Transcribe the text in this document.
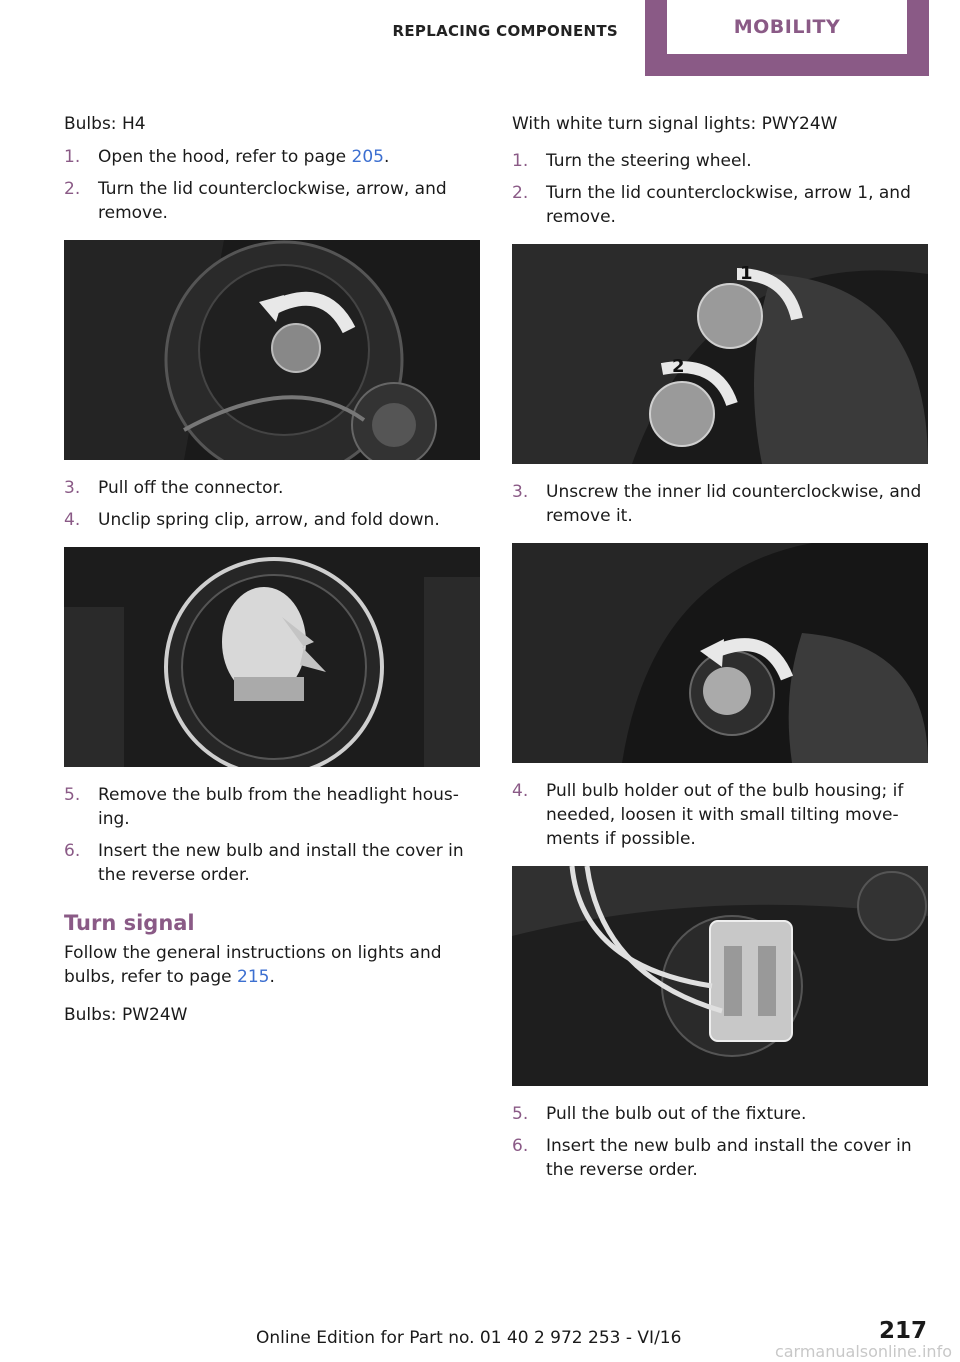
REPLACING COMPONENTS	MOBILITY
Bulbs: H4
1.	Open the hood, refer to page 205.
2.	Turn the lid counterclockwise, arrow, and remove.
3.	Pull off the connector.
4.	Unclip spring clip, arrow, and fold down.
5.	Remove the bulb from the headlight hous‐ing.
6.	Insert the new bulb and install the cover in the reverse order.
Turn signal
Follow the general instructions on lights and bulbs, refer to page 215.
Bulbs: PW24W
With white turn signal lights: PWY24W
1.	Turn the steering wheel.
2.	Turn the lid counterclockwise, arrow 1, and remove.
1
2
3.	Unscrew the inner lid counterclockwise, and remove it.
4.	Pull bulb holder out of the bulb housing; if needed, loosen it with small tilting move‐ments if possible.
5.	Pull the bulb out of the fixture.
6.	Insert the new bulb and install the cover in the reverse order.
Online Edition for Part no. 01 40 2 972 253 - VI/16	217
carmanualsonline.info
